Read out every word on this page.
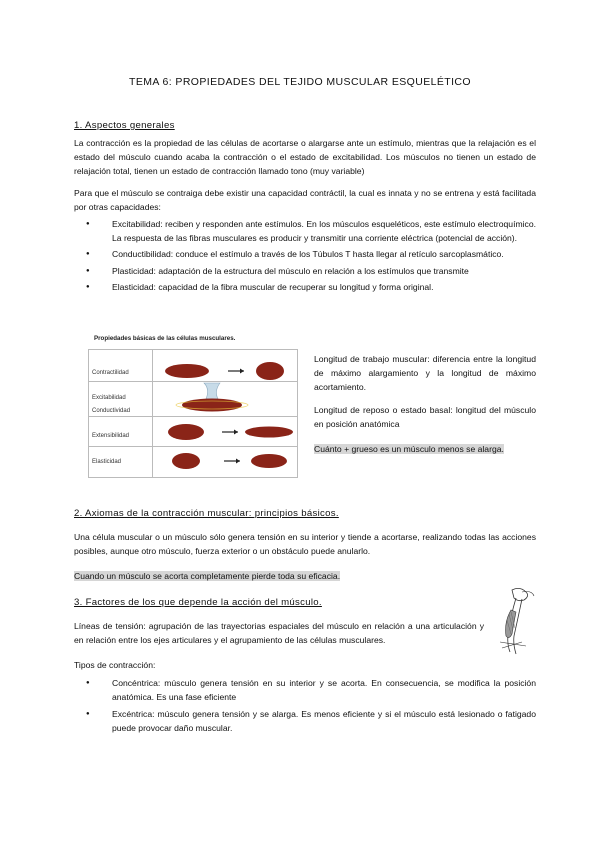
TEMA 6: PROPIEDADES DEL TEJIDO MUSCULAR ESQUELÉTICO
1. Aspectos generales
La contracción es la propiedad de las células de acortarse o alargarse ante un estímulo, mientras que la relajación es el estado del músculo cuando acaba la contracción o el estado de excitabilidad. Los músculos no tienen un estado de relajación total, tienen un estado de contracción llamado tono (muy variable)
Para que el músculo se contraiga debe existir una capacidad contráctil, la cual es innata y no se entrena y está facilitada por otras capacidades:
● Excitabilidad: reciben y responden ante estímulos. En los músculos esqueléticos, este estímulo electroquímico. La respuesta de las fibras musculares es producir y transmitir una corriente eléctrica (potencial de acción).
● Conductibilidad: conduce el estímulo a través de los Túbulos T hasta llegar al retículo sarcoplasmático.
● Plasticidad: adaptación de la estructura del músculo en relación a los estímulos que transmite
● Elasticidad: capacidad de la fibra muscular de recuperar su longitud y forma original.
Propiedades básicas de las células musculares.
Contractilidad
Excitabilidad
Conductividad
Extensibilidad
Elasticidad
Longitud de trabajo muscular: diferencia entre la longitud de máximo alargamiento y la longitud de máximo acortamiento.
Longitud de reposo o estado basal: longitud del músculo en posición anatómica
Cuánto + grueso es un músculo menos se alarga.
2. Axiomas de la contracción muscular: principios básicos.
Una célula muscular o un músculo sólo genera tensión en su interior y tiende a acortarse, realizando todas las acciones posibles, aunque otro músculo, fuerza exterior o un obstáculo puede anularlo.
Cuando un músculo se acorta completamente pierde toda su eficacia.
3. Factores de los que depende la acción del músculo.
Líneas de tensión: agrupación de las trayectorias espaciales del músculo en relación a una articulación y en relación entre los ejes articulares y el agrupamiento de las células musculares.
Tipos de contracción:
● Concéntrica: músculo genera tensión en su interior y se acorta. En consecuencia, se modifica la posición anatómica. Es una fase eficiente
● Excéntrica: músculo genera tensión y se alarga. Es menos eficiente y si el músculo está lesionado o fatigado puede provocar daño muscular.
